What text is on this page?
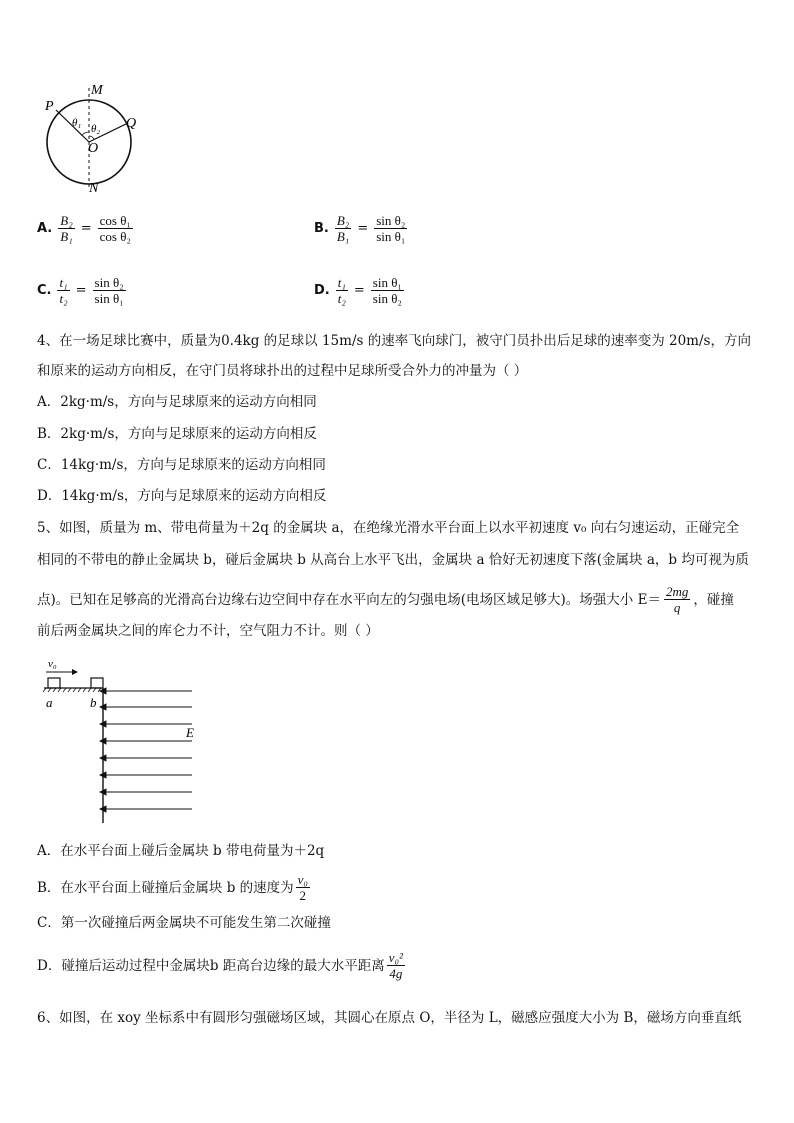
P
M
Q
O
N
θ₁ θ₂
A. $\frac{\text{B₂}}{\text{B₁}} = \frac{\text{cos θ₁}}{\text{cos θ₂}}$	B. $\frac{\text{B₂}}{\text{B₁}} = \frac{\text{sin θ₂}}{\text{sin θ₁}}$
C. $\frac{\text{t₁}}{\text{t₂}} = \frac{\text{sin θ₂}}{\text{sin θ₁}}$	D. $\frac{\text{t₁}}{\text{t₂}} = \frac{\text{sin θ₁}}{\text{sin θ₂}}$
4、在一场足球比赛中，质量为0.4kg 的足球以 15m/s 的速率飞向球门，被守门员扑出后足球的速率变为 20m/s，方向
和原来的运动方向相反，在守门员将球扑出的过程中足球所受合外力的冲量为（ ）
A．2kg·m/s，方向与足球原来的运动方向相同
B．2kg·m/s，方向与足球原来的运动方向相反
C．14kg·m/s，方向与足球原来的运动方向相同
D．14kg·m/s，方向与足球原来的运动方向相反
5、如图，质量为 m、带电荷量为＋2q 的金属块 a，在绝缘光滑水平台面上以水平初速度 v₀ 向右匀速运动，正碰完全
相同的不带电的静止金属块 b，碰后金属块 b 从高台上水平飞出，金属块 a 恰好无初速度下落(金属块 a，b 均可视为质
点)。已知在足够高的光滑高台边缘右边空间中存在水平向左的匀强电场(电场区域足够大)。场强大小 $E= \frac{2mg}{q}$ ，碰撞
前后两金属块之间的库仑力不计，空气阻力不计。则（ ）
v₀
a	b
E
A．在水平台面上碰后金属块 b 带电荷量为＋2q
B．在水平台面上碰撞后金属块 b 的速度为 $\frac{\text{v₀}}{2}$
C．第一次碰撞后两金属块不可能发生第二次碰撞
D．碰撞后运动过程中金属块b 距高台边缘的最大水平距离 $\frac{\text{v₀²}}{4g}$
6、如图，在 xoy 坐标系中有圆形匀强磁场区域，其圆心在原点 O，半径为 L，磁感应强度大小为 B，磁场方向垂直纸
